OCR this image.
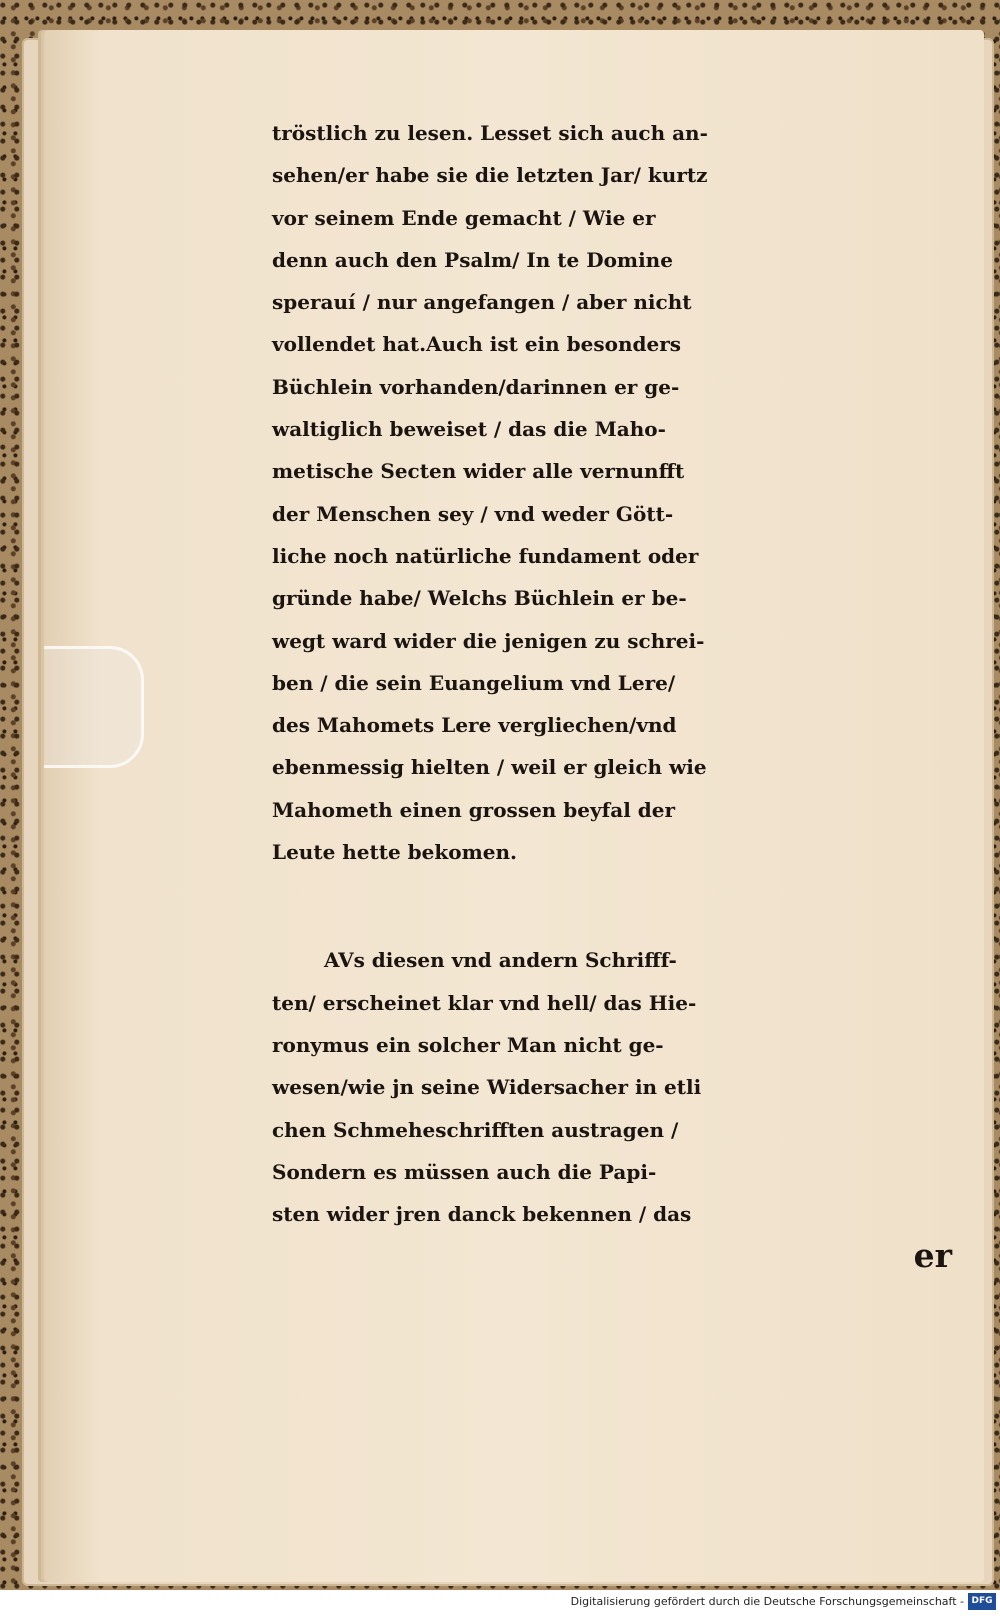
tröstlich zu lesen. Lesset sich auch an-
sehen/er habe sie die letzten Jar/ kurtz
vor seinem Ende gemacht / Wie er
denn auch den Psalm/ In te Domine
sperauí / nur angefangen / aber nicht
vollendet hat.Auch ist ein besonders
Büchlein vorhanden/darinnen er ge-
waltiglich beweiset / das die Maho-
metische Secten wider alle vernunfft
der Menschen sey / vnd weder Gött-
liche noch natürliche fundament oder
gründe habe/ Welchs Büchlein er be-
wegt ward wider die jenigen zu schrei-
ben / die sein Euangelium vnd Lere/
des Mahomets Lere vergliechen/vnd
ebenmessig hielten / weil er gleich wie
Mahometh einen grossen beyfal der
Leute hette bekomen.
AVs diesen vnd andern Schrifff-
ten/ erscheinet klar vnd hell/ das Hie-
ronymus ein solcher Man nicht ge-
wesen/wie jn seine Widersacher in etli
chen Schmeheschrifften austragen /
Sondern es müssen auch die Papi-
sten wider jren danck bekennen / das
er
Digitalisierung gefördert durch die Deutsche Forschungsgemeinschaft - DFG
